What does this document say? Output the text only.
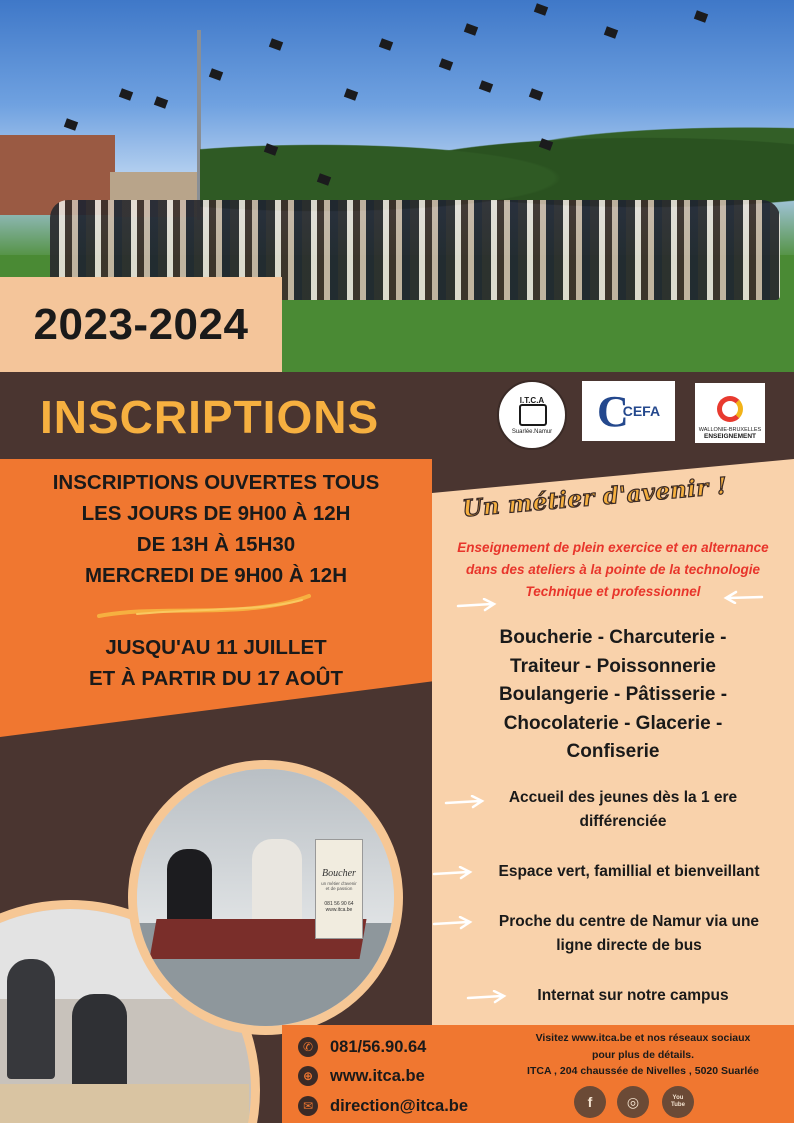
2023-2024
INSCRIPTIONS	I.T.C.A
Suarlée.Namur C
CEFA
WALLONIE-BRUXELLES
ENSEIGNEMENT
INSCRIPTIONS OUVERTES TOUS
LES JOURS DE 9H00 À 12H
DE 13H À 15H30
MERCREDI DE 9H00 À 12H
JUSQU'AU 11 JUILLET
ET À PARTIR DU 17 AOÛT
Un métier d'avenir !
Enseignement de plein exercice et en alternance
dans des ateliers à la pointe de la technologie
Technique et professionnel
Boucherie - Charcuterie -
Traiteur - Poissonnerie
Boulangerie - Pâtisserie -
Chocolaterie - Glacerie -
Confiserie
Accueil des jeunes dès la 1 ere
différenciée
Espace vert, famillial et bienveillant
Proche du centre de Namur via une
ligne directe de bus
Internat sur notre campus
Boucher
un métier d'avenir et de passion
081 56 90 64
www.itca.be
✆	081/56.90.64
⊕	www.itca.be
✉	direction@itca.be
Visitez www.itca.be et nos réseaux sociaux
pour plus de détails.
ITCA , 204 chaussée de Nivelles , 5020 Suarlée
f ◎	You Tube
